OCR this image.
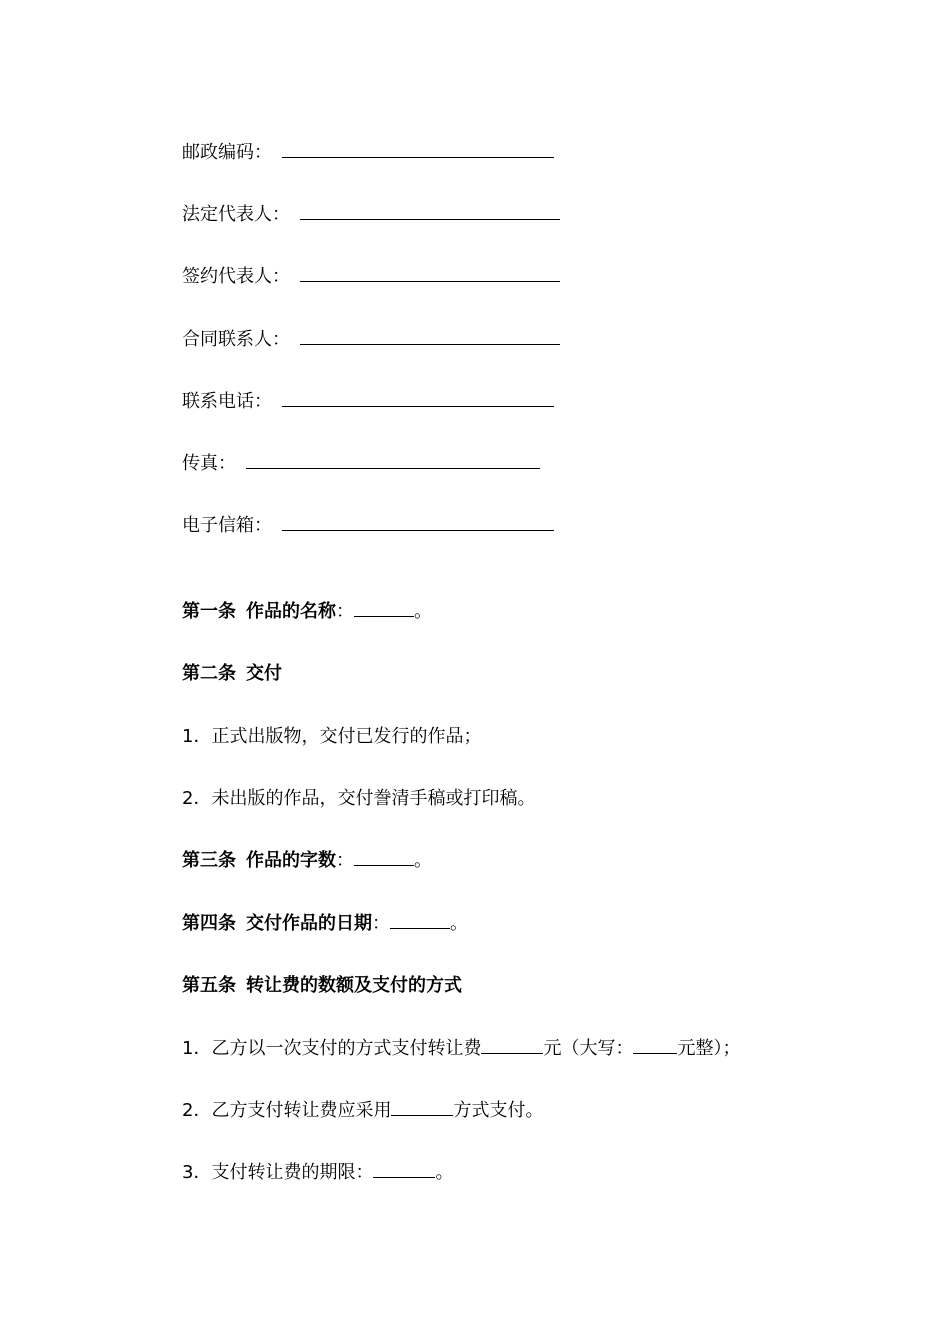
邮政编码：
法定代表人：
签约代表人：
合同联系人：
联系电话：
传真：
电子信箱：
第一条 作品的名称：	。
第二条 交付
1．正式出版物，交付已发行的作品；
2．未出版的作品，交付誊清手稿或打印稿。
第三条 作品的字数：	。
第四条 交付作品的日期：	。
第五条 转让费的数额及支付的方式
1．乙方以一次支付的方式支付转让费	元（大写： 元整）；
2．乙方支付转让费应采用	方式支付。
3．支付转让费的期限：	。
